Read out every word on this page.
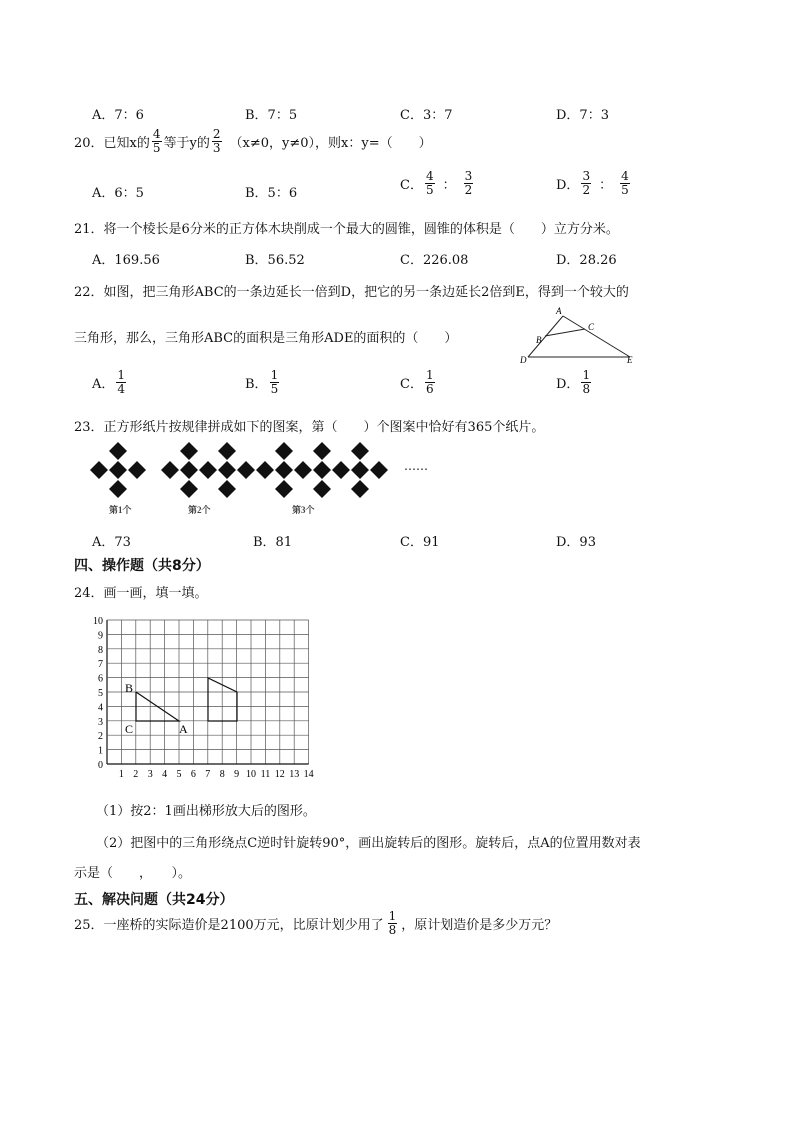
A．7：6	B．7：5	C．3：7	D．7：3
20． 已知x的 $\frac{4}{5}$ 等于y的 $\frac{2}{3} (x\ne 0$，y≠0），则x：y=（　　）
A．6：5	B．5：6
C． $\frac{4}{5}$ ： $\frac{3}{2}$	D． $\frac{3}{2}$ ： $\frac{4}{5}$
21．将一个棱长是6分米的正方体木块削成一个最大的圆锥，圆锥的体积是（　　）立方分米。
A．169.56	B．56.52	C．226.08	D．28.26
22．如图，把三角形ABC的一条边延长一倍到D，把它的另一条边延长2倍到E，得到一个较大的
三角形，那么，三角形ABC的面积是三角形ADE的面积的（　　）
A
B
C
D	E
A． $\frac{1}{4}$	B． $\frac{1}{5}$	C． $\frac{1}{6}$	D． $\frac{1}{8}$
23．正方形纸片按规律拼成如下的图案，第（　　）个图案中恰好有365个纸片。
第1个	第2个	第3个
……
A．73	B．81	C．91	D．93
四、操作题（共8分）
24．画一画，填一填。
0
1
2
3
4
5
6
7
8
9
10
1 2 3 4 5 6 7 8 9 10 11 12 13 14
B
C	A
（1）按2：1画出梯形放大后的图形。
（2）把图中的三角形绕点C逆时针旋转90°，画出旋转后的图形。旋转后，点A的位置用数对表
示是（　　，　　）。
五、解决问题（共24分）
25．一座桥的实际造价是2100万元，比原计划少用了 $\frac{1}{8}$ ，原计划造价是多少万元？
